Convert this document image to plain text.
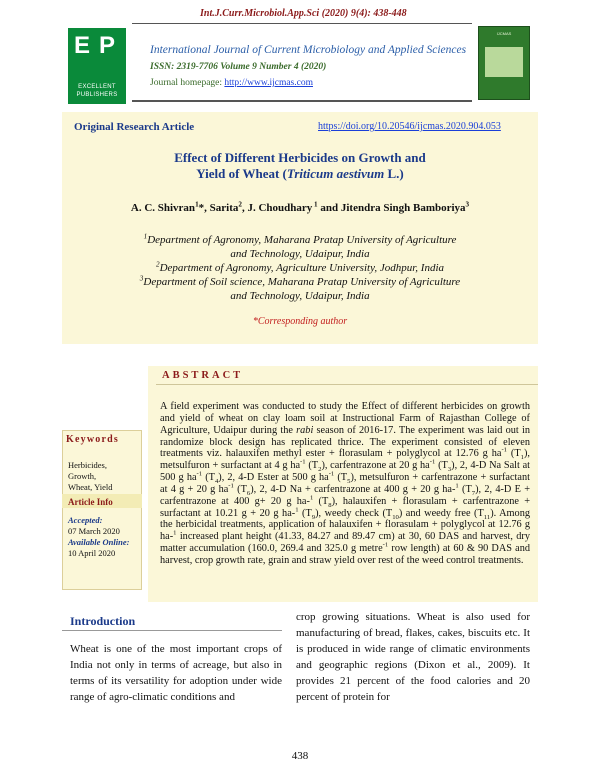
Int.J.Curr.Microbiol.App.Sci (2020) 9(4): 438-448
E P
EXCELLENT
PUBLISHERS
International Journal of Current Microbiology and Applied Sciences
ISSN: 2319-7706 Volume 9 Number 4 (2020)
Journal homepage: http://www.ijcmas.com
IJCMAS
Original Research Article	https://doi.org/10.20546/ijcmas.2020.904.053
Effect of Different Herbicides on Growth and
Yield of Wheat (Triticum aestivum L.)
A. C. Shivran$^1$*, Sarita$^2$, J. Choudhary $^1$ and Jitendra Singh Bamboriya$^3$
$^1$Department of Agronomy, Maharana Pratap University of Agriculture
and Technology, Udaipur, India
$^2$Department of Agronomy, Agriculture University, Jodhpur, India
$^3$Department of Soil science, Maharana Pratap University of Agriculture
and Technology, Udaipur, India
*Corresponding author
ABSTRACT
A field experiment was conducted to study the Effect of different herbicides on growth and yield of wheat on clay loam soil at Instructional Farm of Rajasthan College of Agriculture, Udaipur during the rabi season of 2016-17. The experiment was laid out in randomize block design has replicated thrice. The experiment consisted of eleven treatments viz. halauxifen methyl ester + florasulam + polyglycol at 12.76 g $ha^{-1}$ $(T_1)$, metsulfuron + surfactant at 4 g $ha^{-1}$ $(T_2)$, carfentrazone at 20 g $ha^{-1}$ $(T_3)$, 2, 4-D Na Salt at 500 g $ha^{-1}$ $(T_4)$, 2, 4-D Ester at 500 g $ha^{-1}$ $(T_5)$, metsulfuron + carfentrazone + surfactant at 4 g + 20 g $ha^{-1}$ $(T_6)$, 2, 4-D Na + carfentrazone at 400 g + 20 g ha-$^1$ $(T_7)$, 2, 4-D E + carfentrazone at 400 g+ 20 g ha-$^1$ $(T_8)$, halauxifen + florasulam + carfentrazone + surfactant at 10.21 g + 20 g ha-$^1$ $(T_9)$, weedy check $(T_{10})$ and weedy free $(T_{11})$. Among the herbicidal treatments, application of halauxifen + florasulam + polyglycol at 12.76 g ha-$^1$ increased plant height (41.33, 84.27 and 89.47 cm) at 30, 60 DAS and harvest, dry matter accumulation (160.0, 269.4 and 325.0 g metre$^{-1}$ row length) at 60 & 90 DAS and harvest, crop growth rate, grain and straw yield over rest of the weed control treatments.
Keywords
Herbicides,
Growth,
Wheat, Yield
Article Info
Accepted:
07 March 2020
Available Online:
10 April 2020
Introduction
Wheat is one of the most important crops of India not only in terms of acreage, but also in terms of its versatility for adoption under wide range of agro-climatic conditions and
crop growing situations. Wheat is also used for manufacturing of bread, flakes, cakes, biscuits etc. It is produced in wide range of climatic environments and geographic regions (Dixon et al., 2009). It provides 21 percent of the food calories and 20 percent of protein for
438
